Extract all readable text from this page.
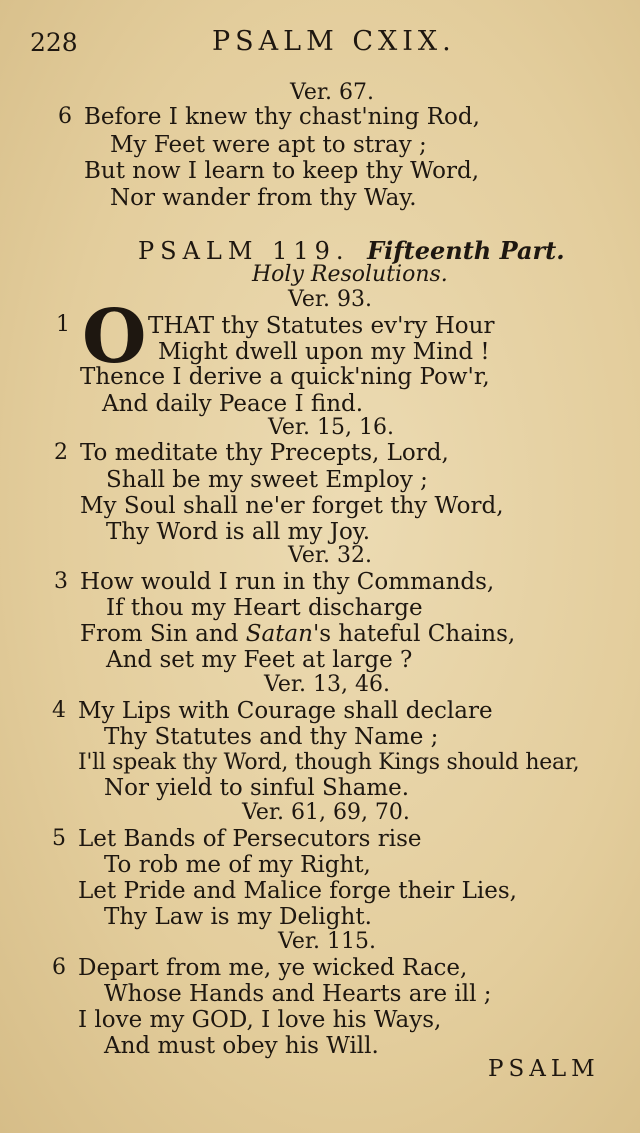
228	PSALM CXIX.
Ver. 67.
6 Before I knew thy chast'ning Rod,
My Feet were apt to stray ;
But now I learn to keep thy Word,
Nor wander from thy Way.
PSALM 119. Fifteenth Part.
Holy Resolutions.
Ver. 93.
1 O THAT thy Statutes ev'ry Hour
Might dwell upon my Mind !
Thence I derive a quick'ning Pow'r,
And daily Peace I find.
Ver. 15, 16.
2 To meditate thy Precepts, Lord,
Shall be my sweet Employ ;
My Soul shall ne'er forget thy Word,
Thy Word is all my Joy.
Ver. 32.
3 How would I run in thy Commands,
If thou my Heart discharge
From Sin and Satan's hateful Chains,
And set my Feet at large ?
Ver. 13, 46.
4 My Lips with Courage shall declare
Thy Statutes and thy Name ;
I'll speak thy Word, though Kings should hear,
Nor yield to sinful Shame.
Ver. 61, 69, 70.
5 Let Bands of Persecutors rise
To rob me of my Right,
Let Pride and Malice forge their Lies,
Thy Law is my Delight.
Ver. 115.
6 Depart from me, ye wicked Race,
Whose Hands and Hearts are ill ;
I love my GOD, I love his Ways,
And must obey his Will.
PSALM
